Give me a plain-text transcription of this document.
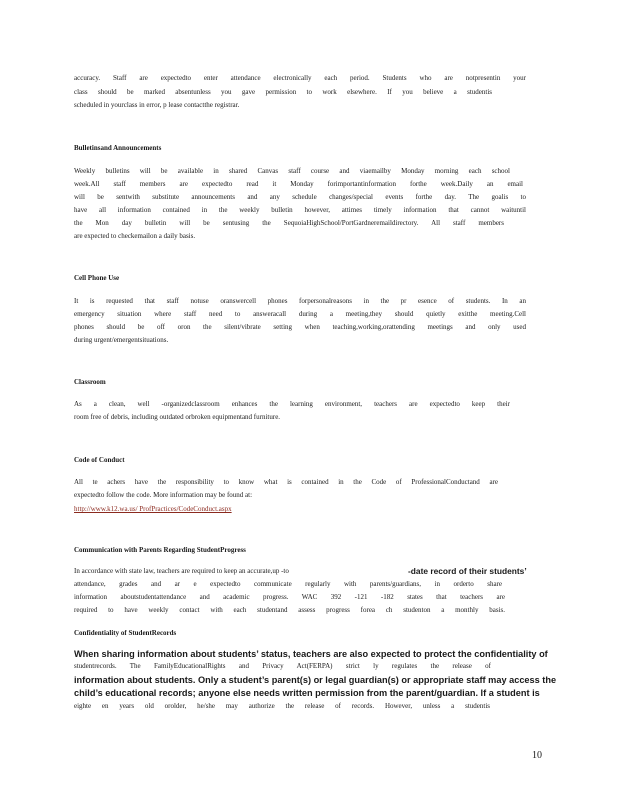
accuracy. Staff are expectedto enter attendance electronically each period. Students who are notpresentin your
class should be marked absentunless you gave permission to work elsewhere. If you believe a studentis
scheduled in yourclass in error, p lease contactthe registrar.
Bulletinsand Announcements
Weekly bulletins will be available in shared Canvas staff course and viaemailby Monday morning each school
week.All staff members are expectedto read it Monday forimportantinformation forthe week.Daily an email
will be sentwith substitute announcements and any schedule changes/special events forthe day. The goalis to
have all information contained in the weekly bulletin however, attimes timely information that cannot waituntil
the Mon day bulletin will be sentusing the SequoiaHighSchool/PortGardneremaildirectory. All staff members
are expected to checkemailon a daily basis.
Cell Phone Use
It is requested that staff notuse oranswercell phones forpersonalreasons in the pr esence of students. In an
emergency situation where staff need to answeracall during a meeting,they should quietly exitthe meeting.Cell
phones should be off oron the silent/vibrate setting when teaching,working,orattending meetings and only used
during urgent/emergentsituations.
Classroom
As a clean, well -organizedclassroom enhances the learning environment, teachers are expectedto keep their
room free of debris, including outdated orbroken equipmentand furniture.
Code of Conduct
All te achers have the responsibility to know what is contained in the Code of ProfessionalConductand are
expectedto follow the code. More information may be found at:
http://www.k12.wa.us/ ProfPractices/CodeConduct.aspx
Communication with Parents Regarding StudentProgress
In accordance with state law, teachers are required to keep an accurate,up -to	-date record of their students’
attendance, grades and ar e expectedto communicate regularly with parents/guardians, in orderto share
information aboutstudentattendance and academic progress. WAC 392 -121 -182 states that teachers are
required to have weekly contact with each studentand assess progress forea ch studenton a monthly basis.
Confidentiality of StudentRecords
When sharing information about students’ status, teachers are also expected to protect the confidentiality of
studentrecords. The FamilyEducationalRights and Privacy Act(FERPA) strict ly regulates the release of
information about students. Only a student’s parent(s) or legal guardian(s) or appropriate staff may access the
child’s educational records; anyone else needs written permission from the parent/guardian. If a student is
eighte en years old orolder, he/she may authorize the release of records. However, unless a studentis
10
